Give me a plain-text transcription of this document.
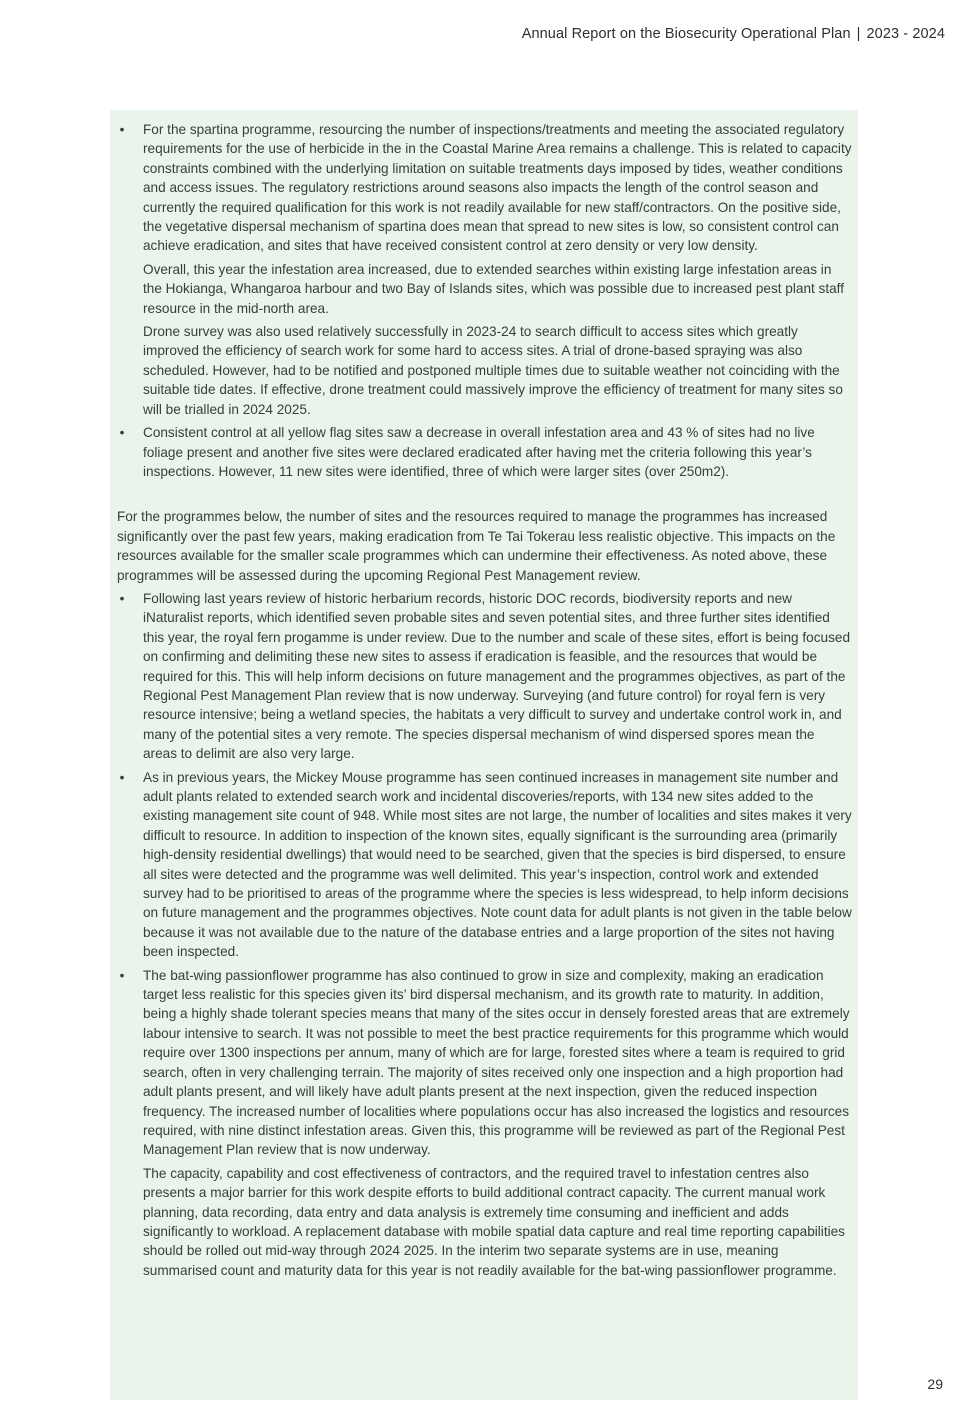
Annual Report on the Biosecurity Operational Plan | 2023 - 2024
• For the spartina programme, resourcing the number of inspections/treatments and meeting the associated regulatory requirements for the use of herbicide in the in the Coastal Marine Area remains a challenge. This is related to capacity constraints combined with the underlying limitation on suitable treatments days imposed by tides, weather conditions and access issues. The regulatory restrictions around seasons also impacts the length of the control season and currently the required qualification for this work is not readily available for new staff/contractors. On the positive side, the vegetative dispersal mechanism of spartina does mean that spread to new sites is low, so consistent control can achieve eradication, and sites that have received consistent control at zero density or very low density.

Overall, this year the infestation area increased, due to extended searches within existing large infestation areas in the Hokianga, Whangaroa harbour and two Bay of Islands sites, which was possible due to increased pest plant staff resource in the mid-north area.

Drone survey was also used relatively successfully in 2023-24 to search difficult to access sites which greatly improved the efficiency of search work for some hard to access sites. A trial of drone-based spraying was also scheduled. However, had to be notified and postponed multiple times due to suitable weather not coinciding with the suitable tide dates. If effective, drone treatment could massively improve the efficiency of treatment for many sites so will be trialled in 2024 2025.

• Consistent control at all yellow flag sites saw a decrease in overall infestation area and 43 % of sites had no live foliage present and another five sites were declared eradicated after having met the criteria following this year’s inspections. However, 11 new sites were identified, three of which were larger sites (over 250m2).

For the programmes below, the number of sites and the resources required to manage the programmes has increased significantly over the past few years, making eradication from Te Tai Tokerau less realistic objective. This impacts on the resources available for the smaller scale programmes which can undermine their effectiveness. As noted above, these programmes will be assessed during the upcoming Regional Pest Management review.

• Following last years review of historic herbarium records, historic DOC records, biodiversity reports and new iNaturalist reports, which identified seven probable sites and seven potential sites, and three further sites identified this year, the royal fern progamme is under review. Due to the number and scale of these sites, effort is being focused on confirming and delimiting these new sites to assess if eradication is feasible, and the resources that would be required for this. This will help inform decisions on future management and the programmes objectives, as part of the Regional Pest Management Plan review that is now underway. Surveying (and future control) for royal fern is very resource intensive; being a wetland species, the habitats a very difficult to survey and undertake control work in, and many of the potential sites a very remote. The species dispersal mechanism of wind dispersed spores mean the areas to delimit are also very large.

• As in previous years, the Mickey Mouse programme has seen continued increases in management site number and adult plants related to extended search work and incidental discoveries/reports, with 134 new sites added to the existing management site count of 948. While most sites are not large, the number of localities and sites makes it very difficult to resource. In addition to inspection of the known sites, equally significant is the surrounding area (primarily high-density residential dwellings) that would need to be searched, given that the species is bird dispersed, to ensure all sites were detected and the programme was well delimited. This year’s inspection, control work and extended survey had to be prioritised to areas of the programme where the species is less widespread, to help inform decisions on future management and the programmes objectives. Note count data for adult plants is not given in the table below because it was not available due to the nature of the database entries and a large proportion of the sites not having been inspected.

• The bat-wing passionflower programme has also continued to grow in size and complexity, making an eradication target less realistic for this species given its’ bird dispersal mechanism, and its growth rate to maturity. In addition, being a highly shade tolerant species means that many of the sites occur in densely forested areas that are extremely labour intensive to search. It was not possible to meet the best practice requirements for this programme which would require over 1300 inspections per annum, many of which are for large, forested sites where a team is required to grid search, often in very challenging terrain. The majority of sites received only one inspection and a high proportion had adult plants present, and will likely have adult plants present at the next inspection, given the reduced inspection frequency. The increased number of localities where populations occur has also increased the logistics and resources required, with nine distinct infestation areas. Given this, this programme will be reviewed as part of the Regional Pest Management Plan review that is now underway.

The capacity, capability and cost effectiveness of contractors, and the required travel to infestation centres also presents a major barrier for this work despite efforts to build additional contract capacity. The current manual work planning, data recording, data entry and data analysis is extremely time consuming and inefficient and adds significantly to workload. A replacement database with mobile spatial data capture and real time reporting capabilities should be rolled out mid-way through 2024 2025. In the interim two separate systems are in use, meaning summarised count and maturity data for this year is not readily available for the bat-wing passionflower programme.

29
